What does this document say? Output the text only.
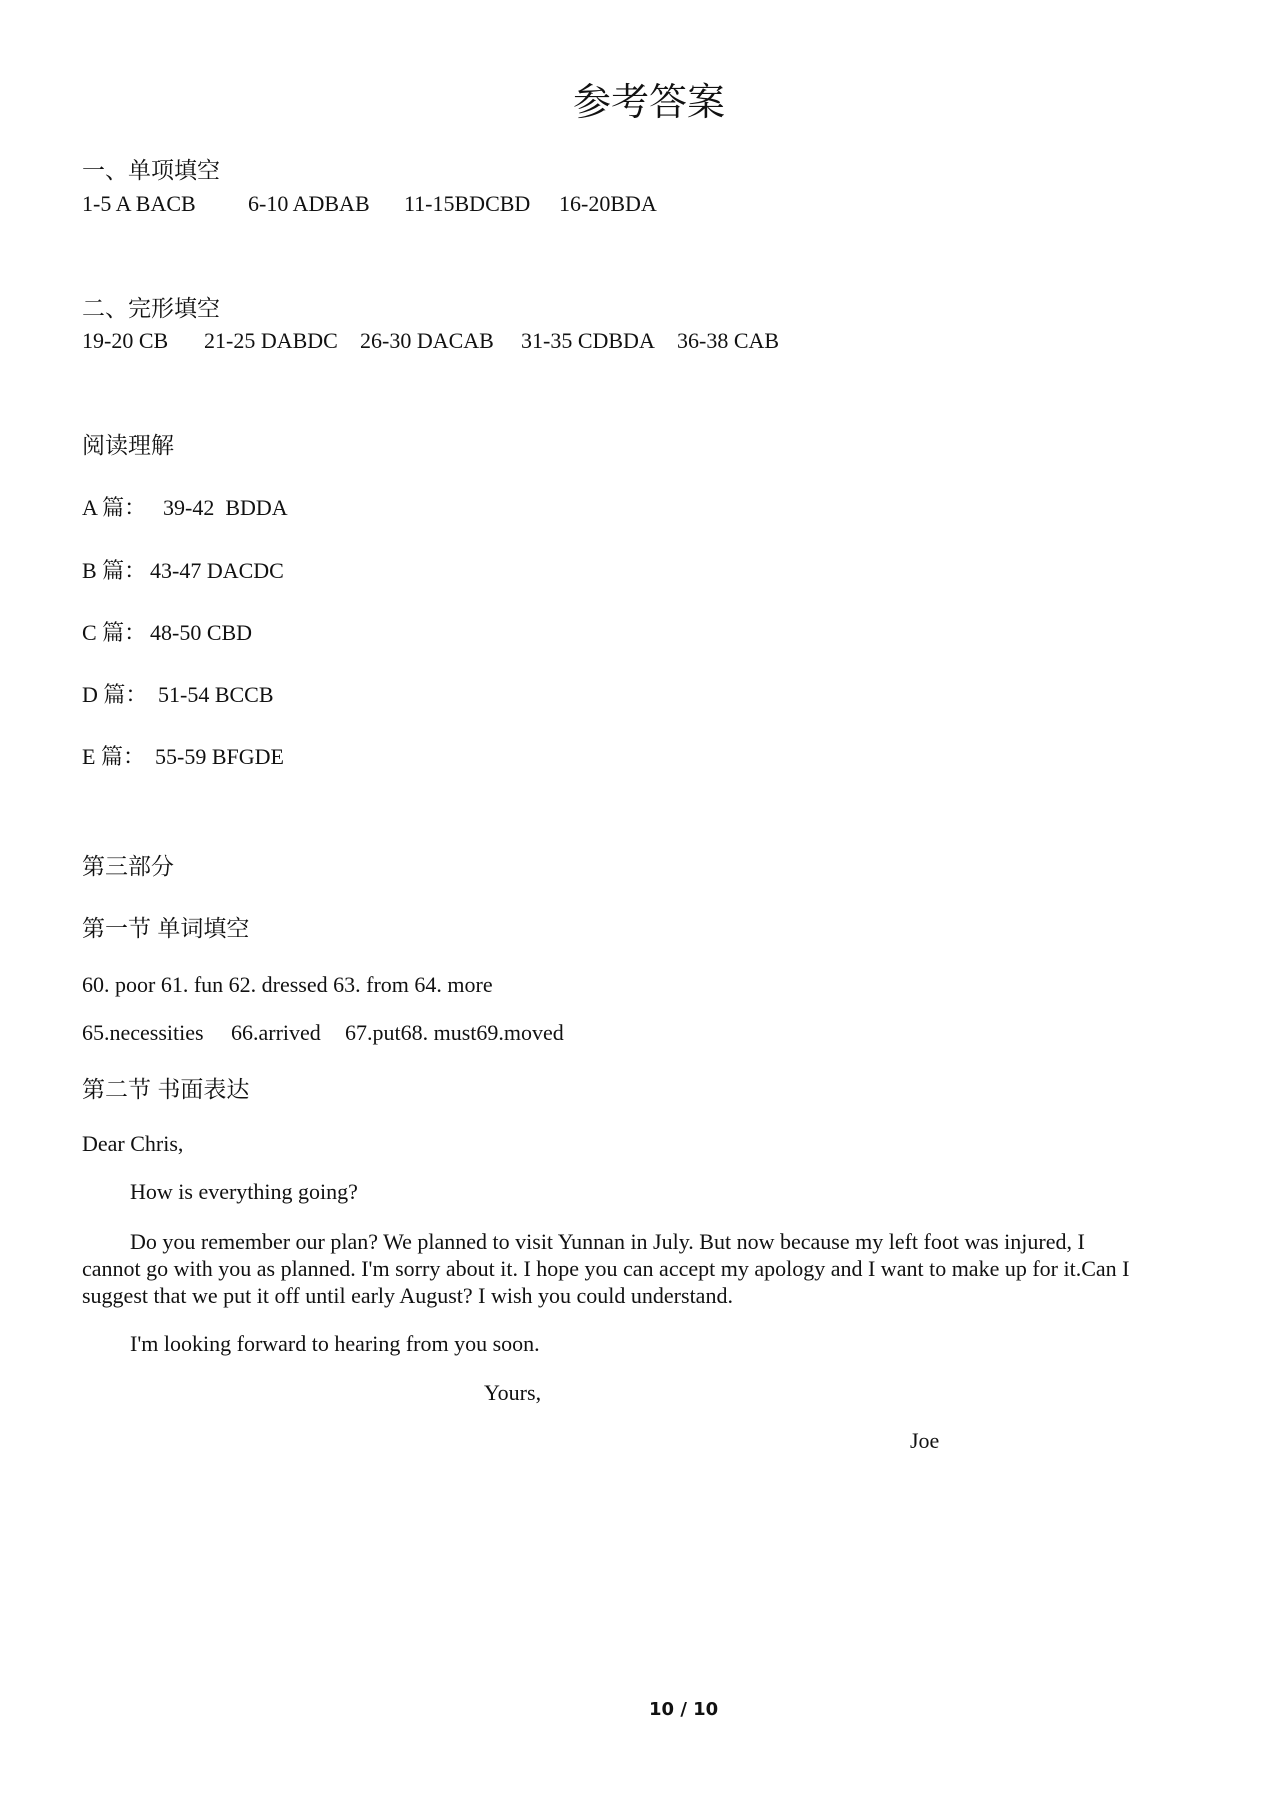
参考答案
一、单项填空
1-5 A BACB 6-10 ADBAB 11-15BDCBD 16-20BDA
二、完形填空
19-20 CB 21-25 DABDC 26-30 DACAB 31-35 CDBDA 36-38 CAB
阅读理解
A 篇： 39-42  BDDA
B 篇： 43-47 DACDC
C 篇： 48-50 CBD
D 篇： 51-54 BCCB
E 篇： 55-59 BFGDE
第三部分
第一节 单词填空
60. poor 61. fun 62. dressed 63. from 64. more
65.necessities 66.arrived 67.put68. must69.moved
第二节 书面表达
Dear Chris,
How is everything going?
Do you remember our plan? We planned to visit Yunnan in July. But now because my left foot was injured, I
cannot go with you as planned. I'm sorry about it. I hope you can accept my apology and I want to make up for it.Can I
suggest that we put it off until early August? I wish you could understand.
I'm looking forward to hearing from you soon.
Yours,
Joe
10 / 10
